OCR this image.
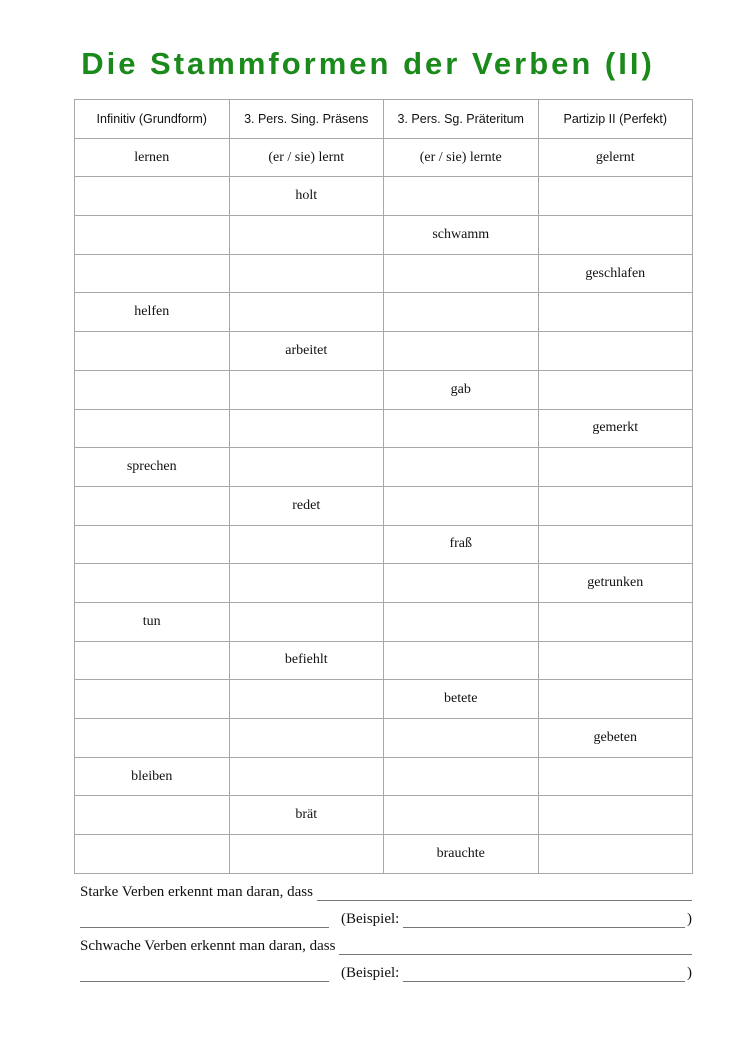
Die Stammformen der Verben (II)
Infinitiv (Grundform)	3. Pers. Sing. Präsens	3. Pers. Sg. Präteritum	Partizip II (Perfekt)
lernen	(er / sie) lernt	(er / sie) lernte	gelernt
	holt		
		schwamm	
			geschlafen
helfen			
	arbeitet		
		gab	
			gemerkt
sprechen			
	redet		
		fraß	
			getrunken
tun			
	befiehlt		
		betete	
			gebeten
bleiben			
	brät		
		brauchte	
Starke Verben erkennt man daran, dass
(Beispiel:	)
Schwache Verben erkennt man daran, dass
(Beispiel:	)
